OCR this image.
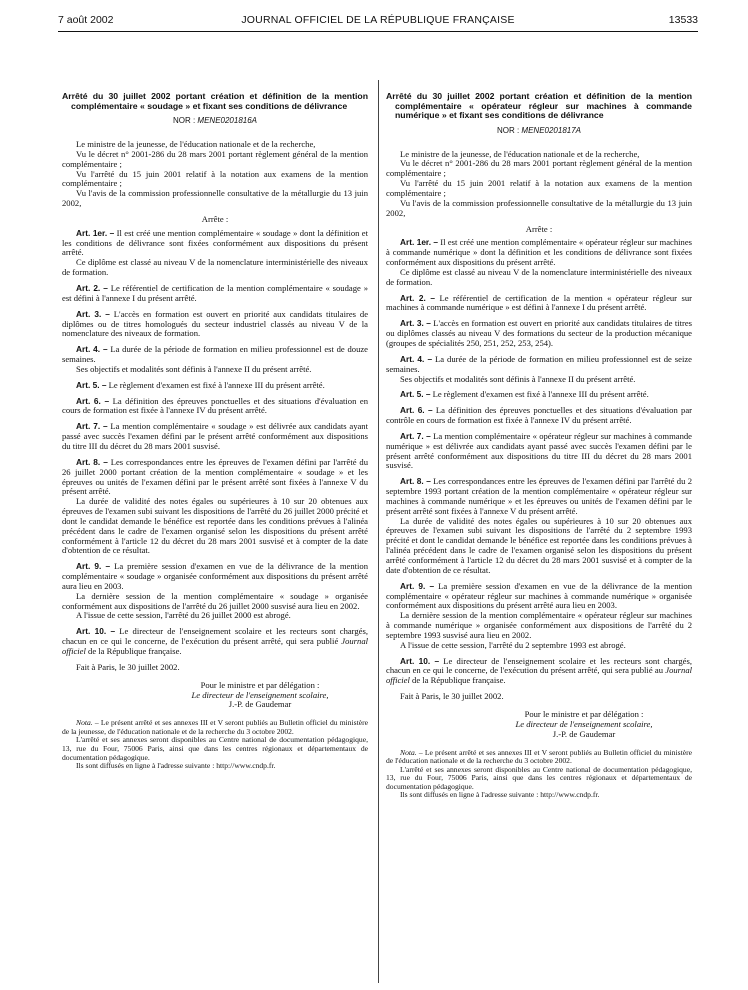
7 août 2002	JOURNAL OFFICIEL DE LA RÉPUBLIQUE FRANÇAISE	13533

Arrêté du 30 juillet 2002 portant création et définition de la mention complémentaire « soudage » et fixant ses conditions de délivrance

NOR : MENE0201816A

Le ministre de la jeunesse, de l'éducation nationale et de la recherche,

Vu le décret n° 2001-286 du 28 mars 2001 portant règlement général de la mention complémentaire ;

Vu l'arrêté du 15 juin 2001 relatif à la notation aux examens de la mention complémentaire ;

Vu l'avis de la commission professionnelle consultative de la métallurgie du 13 juin 2002,

Arrête :

Art. 1er. – Il est créé une mention complémentaire « soudage » dont la définition et les conditions de délivrance sont fixées conformément aux dispositions du présent arrêté.

Ce diplôme est classé au niveau V de la nomenclature interministérielle des niveaux de formation.

Art. 2. – Le référentiel de certification de la mention complémentaire « soudage » est défini à l'annexe I du présent arrêté.

Art. 3. – L'accès en formation est ouvert en priorité aux candidats titulaires de diplômes ou de titres homologués du secteur industriel classés au niveau V de la nomenclature des niveaux de formation.

Art. 4. – La durée de la période de formation en milieu professionnel est de douze semaines.

Ses objectifs et modalités sont définis à l'annexe II du présent arrêté.

Art. 5. – Le règlement d'examen est fixé à l'annexe III du présent arrêté.

Art. 6. – La définition des épreuves ponctuelles et des situations d'évaluation en cours de formation est fixée à l'annexe IV du présent arrêté.

Art. 7. – La mention complémentaire « soudage » est délivrée aux candidats ayant passé avec succès l'examen défini par le présent arrêté conformément aux dispositions du titre III du décret du 28 mars 2001 susvisé.

Art. 8. – Les correspondances entre les épreuves de l'examen défini par l'arrêté du 26 juillet 2000 portant création de la mention complémentaire « soudage » et les épreuves ou unités de l'examen défini par le présent arrêté sont fixées à l'annexe V du présent arrêté.

La durée de validité des notes égales ou supérieures à 10 sur 20 obtenues aux épreuves de l'examen subi suivant les dispositions de l'arrêté du 26 juillet 2000 précité et dont le candidat demande le bénéfice est reportée dans les conditions prévues à l'alinéa précédent dans le cadre de l'examen organisé selon les dispositions du présent arrêté conformément à l'article 12 du décret du 28 mars 2001 susvisé et à compter de la date d'obtention de ce résultat.

Art. 9. – La première session d'examen en vue de la délivrance de la mention complémentaire « soudage » organisée conformément aux dispositions du présent arrêté aura lieu en 2003.

La dernière session de la mention complémentaire « soudage » organisée conformément aux dispositions de l'arrêté du 26 juillet 2000 susvisé aura lieu en 2002.

A l'issue de cette session, l'arrêté du 26 juillet 2000 est abrogé.

Art. 10. – Le directeur de l'enseignement scolaire et les recteurs sont chargés, chacun en ce qui le concerne, de l'exécution du présent arrêté, qui sera publié Journal officiel de la République française.

Fait à Paris, le 30 juillet 2002.

Pour le ministre et par délégation :

Le directeur de l'enseignement scolaire,

J.-P. de Gaudemar

Nota. – Le présent arrêté et ses annexes III et V seront publiés au Bulletin officiel du ministère de la jeunesse, de l'éducation nationale et de la recherche du 3 octobre 2002.

L'arrêté et ses annexes seront disponibles au Centre national de documentation pédagogique, 13, rue du Four, 75006 Paris, ainsi que dans les centres régionaux et départementaux de documentation pédagogique.

Ils sont diffusés en ligne à l'adresse suivante : http://www.cndp.fr.

Arrêté du 30 juillet 2002 portant création et définition de la mention complémentaire « opérateur régleur sur machines à commande numérique » et fixant ses conditions de délivrance

NOR : MENE0201817A

Le ministre de la jeunesse, de l'éducation nationale et de la recherche,

Vu le décret n° 2001-286 du 28 mars 2001 portant règlement général de la mention complémentaire ;

Vu l'arrêté du 15 juin 2001 relatif à la notation aux examens de la mention complémentaire ;

Vu l'avis de la commission professionnelle consultative de la métallurgie du 13 juin 2002,

Arrête :

Art. 1er. – Il est créé une mention complémentaire « opérateur régleur sur machines à commande numérique » dont la définition et les conditions de délivrance sont fixées conformément aux dispositions du présent arrêté.

Ce diplôme est classé au niveau V de la nomenclature interministérielle des niveaux de formation.

Art. 2. – Le référentiel de certification de la mention « opérateur régleur sur machines à commande numérique » est défini à l'annexe I du présent arrêté.

Art. 3. – L'accès en formation est ouvert en priorité aux candidats titulaires de titres ou diplômes classés au niveau V des formations du secteur de la production mécanique (groupes de spécialités 250, 251, 252, 253, 254).

Art. 4. – La durée de la période de formation en milieu professionnel est de seize semaines.

Ses objectifs et modalités sont définis à l'annexe II du présent arrêté.

Art. 5. – Le règlement d'examen est fixé à l'annexe III du présent arrêté.

Art. 6. – La définition des épreuves ponctuelles et des situations d'évaluation par contrôle en cours de formation est fixée à l'annexe IV du présent arrêté.

Art. 7. – La mention complémentaire « opérateur régleur sur machines à commande numérique » est délivrée aux candidats ayant passé avec succès l'examen défini par le présent arrêté conformément aux dispositions du titre III du décret du 28 mars 2001 susvisé.

Art. 8. – Les correspondances entre les épreuves de l'examen défini par l'arrêté du 2 septembre 1993 portant création de la mention complémentaire « opérateur régleur sur machines à commande numérique » et les épreuves ou unités de l'examen défini par le présent arrêté sont fixées à l'annexe V du présent arrêté.

La durée de validité des notes égales ou supérieures à 10 sur 20 obtenues aux épreuves de l'examen subi suivant les dispositions de l'arrêté du 2 septembre 1993 précité et dont le candidat demande le bénéfice est reportée dans les conditions prévues à l'alinéa précédent dans le cadre de l'examen organisé selon les dispositions du présent arrêté conformément à l'article 12 du décret du 28 mars 2001 susvisé et à compter de la date d'obtention de ce résultat.

Art. 9. – La première session d'examen en vue de la délivrance de la mention complémentaire « opérateur régleur sur machines à commande numérique » organisée conformément aux dispositions du présent arrêté aura lieu en 2003.

La dernière session de la mention complémentaire « opérateur régleur sur machines à commande numérique » organisée conformément aux dispositions de l'arrêté du 2 septembre 1993 susvisé aura lieu en 2002.

A l'issue de cette session, l'arrêté du 2 septembre 1993 est abrogé.

Art. 10. – Le directeur de l'enseignement scolaire et les recteurs sont chargés, chacun en ce qui le concerne, de l'exécution du présent arrêté, qui sera publié au Journal officiel de la République française.

Fait à Paris, le 30 juillet 2002.

Pour le ministre et par délégation :

Le directeur de l'enseignement scolaire,

J.-P. de Gaudemar

Nota. – Le présent arrêté et ses annexes III et V seront publiés au Bulletin officiel du ministère de l'éducation nationale et de la recherche du 3 octobre 2002.

L'arrêté et ses annexes seront disponibles au Centre national de documentation pédagogique, 13, rue du Four, 75006 Paris, ainsi que dans les centres régionaux et départementaux de documentation pédagogique.

Ils sont diffusés en ligne à l'adresse suivante : http://www.cndp.fr.
